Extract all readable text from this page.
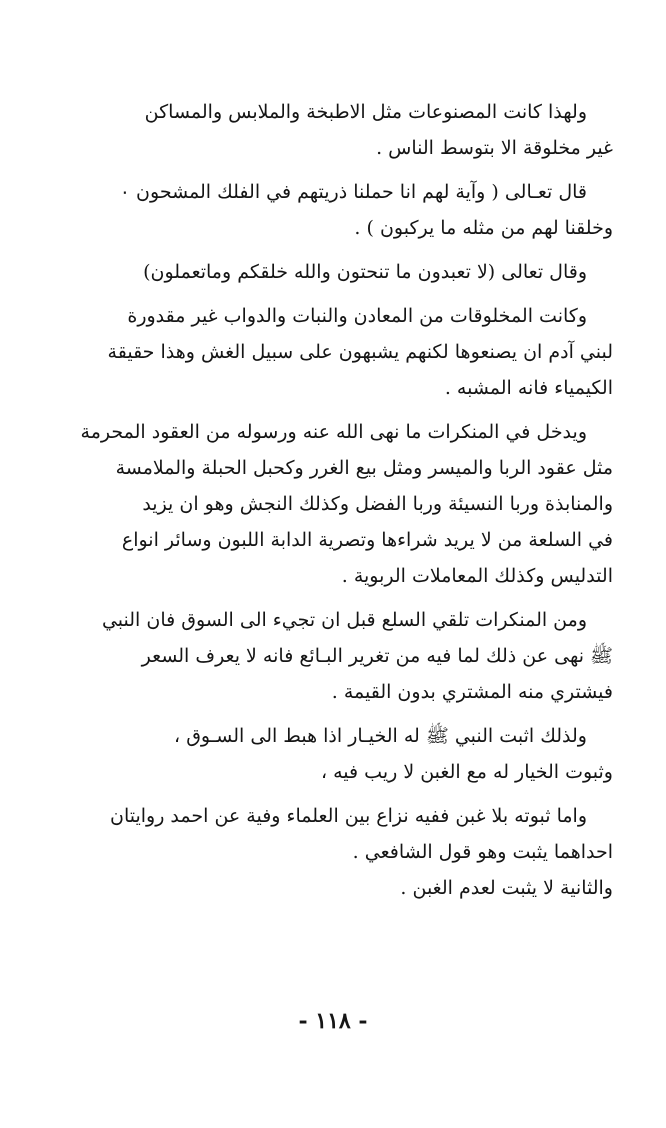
ولهذا كانت المصنوعات مثل الاطبخة والملابس والمساكن
غير مخلوقة الا بتوسط الناس .
قال تعـالى ( وآية لهم انا حملنا ذريتهم في الفلك المشحون ٠
وخلقنا لهم من مثله ما يركبون ) .
وقال تعالى (لا تعبدون ما تنحتون والله خلقكم وماتعملون)
وكانت المخلوقات من المعادن والنبات والدواب غير مقدورة
لبني آدم ان يصنعوها لكنهم يشبهون على سبيل الغش وهذا حقيقة
الكيمياء فانه المشبه .
ويدخل في المنكرات ما نهى الله عنه ورسوله من العقود المحرمة
مثل عقود الربا والميسر ومثل بيع الغرر وكحبل الحبلة والملامسة
والمنابذة وربا النسيئة وربا الفضل وكذلك النجش وهو ان يزيد
في السلعة من لا يريد شراءها وتصرية الدابة اللبون وسائر انواع
التدليس وكذلك المعاملات الربوية .
ومن المنكرات تلقي السلع قبل ان تجيء الى السوق فان النبي
ﷺ نهى عن ذلك لما فيه من تغرير البـائع فانه لا يعرف السعر
فيشتري منه المشتري بدون القيمة .
ولذلك اثبت النبي ﷺ له الخيـار اذا هبط الى السـوق ،
وثبوت الخيار له مع الغبن لا ريب فيه ،
واما ثبوته بلا غبن ففيه نزاع بين العلماء وفية عن احمد روايتان
احداهما يثبت وهو قول الشافعي .
والثانية لا يثبت لعدم الغبن .
- ١١٨ -
